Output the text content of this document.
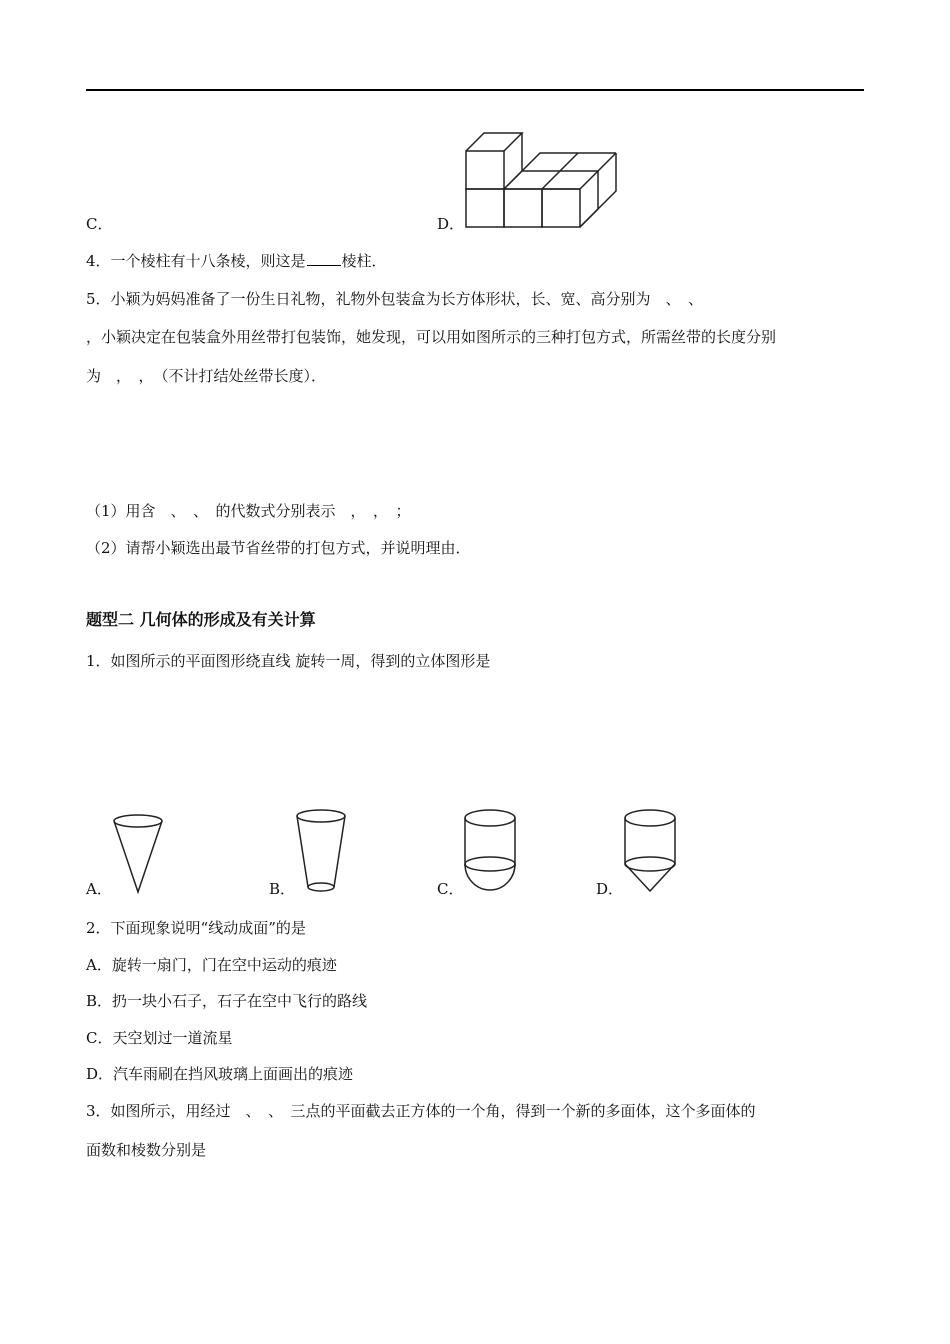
C．	D．
4．一个棱柱有十八条棱，则这是 棱柱．
5．小颖为妈妈准备了一份生日礼物，礼物外包装盒为长方体形状，长、宽、高分别为　、　、
，小颖决定在包装盒外用丝带打包装饰，她发现，可以用如图所示的三种打包方式，所需丝带的长度分别
为　，　，　（不计打结处丝带长度）．
（1）用含　、　、　的代数式分别表示　，　，　；
（2）请帮小颖选出最节省丝带的打包方式，并说明理由．
题型二 几何体的形成及有关计算
1．如图所示的平面图形绕直线 旋转一周，得到的立体图形是
A．	B．	C．	D．
2．下面现象说明“线动成面”的是
A．旋转一扇门，门在空中运动的痕迹
B．扔一块小石子，石子在空中飞行的路线
C．天空划过一道流星
D．汽车雨刷在挡风玻璃上面画出的痕迹
3．如图所示，用经过　、　、　三点的平面截去正方体的一个角，得到一个新的多面体，这个多面体的
面数和棱数分别是
